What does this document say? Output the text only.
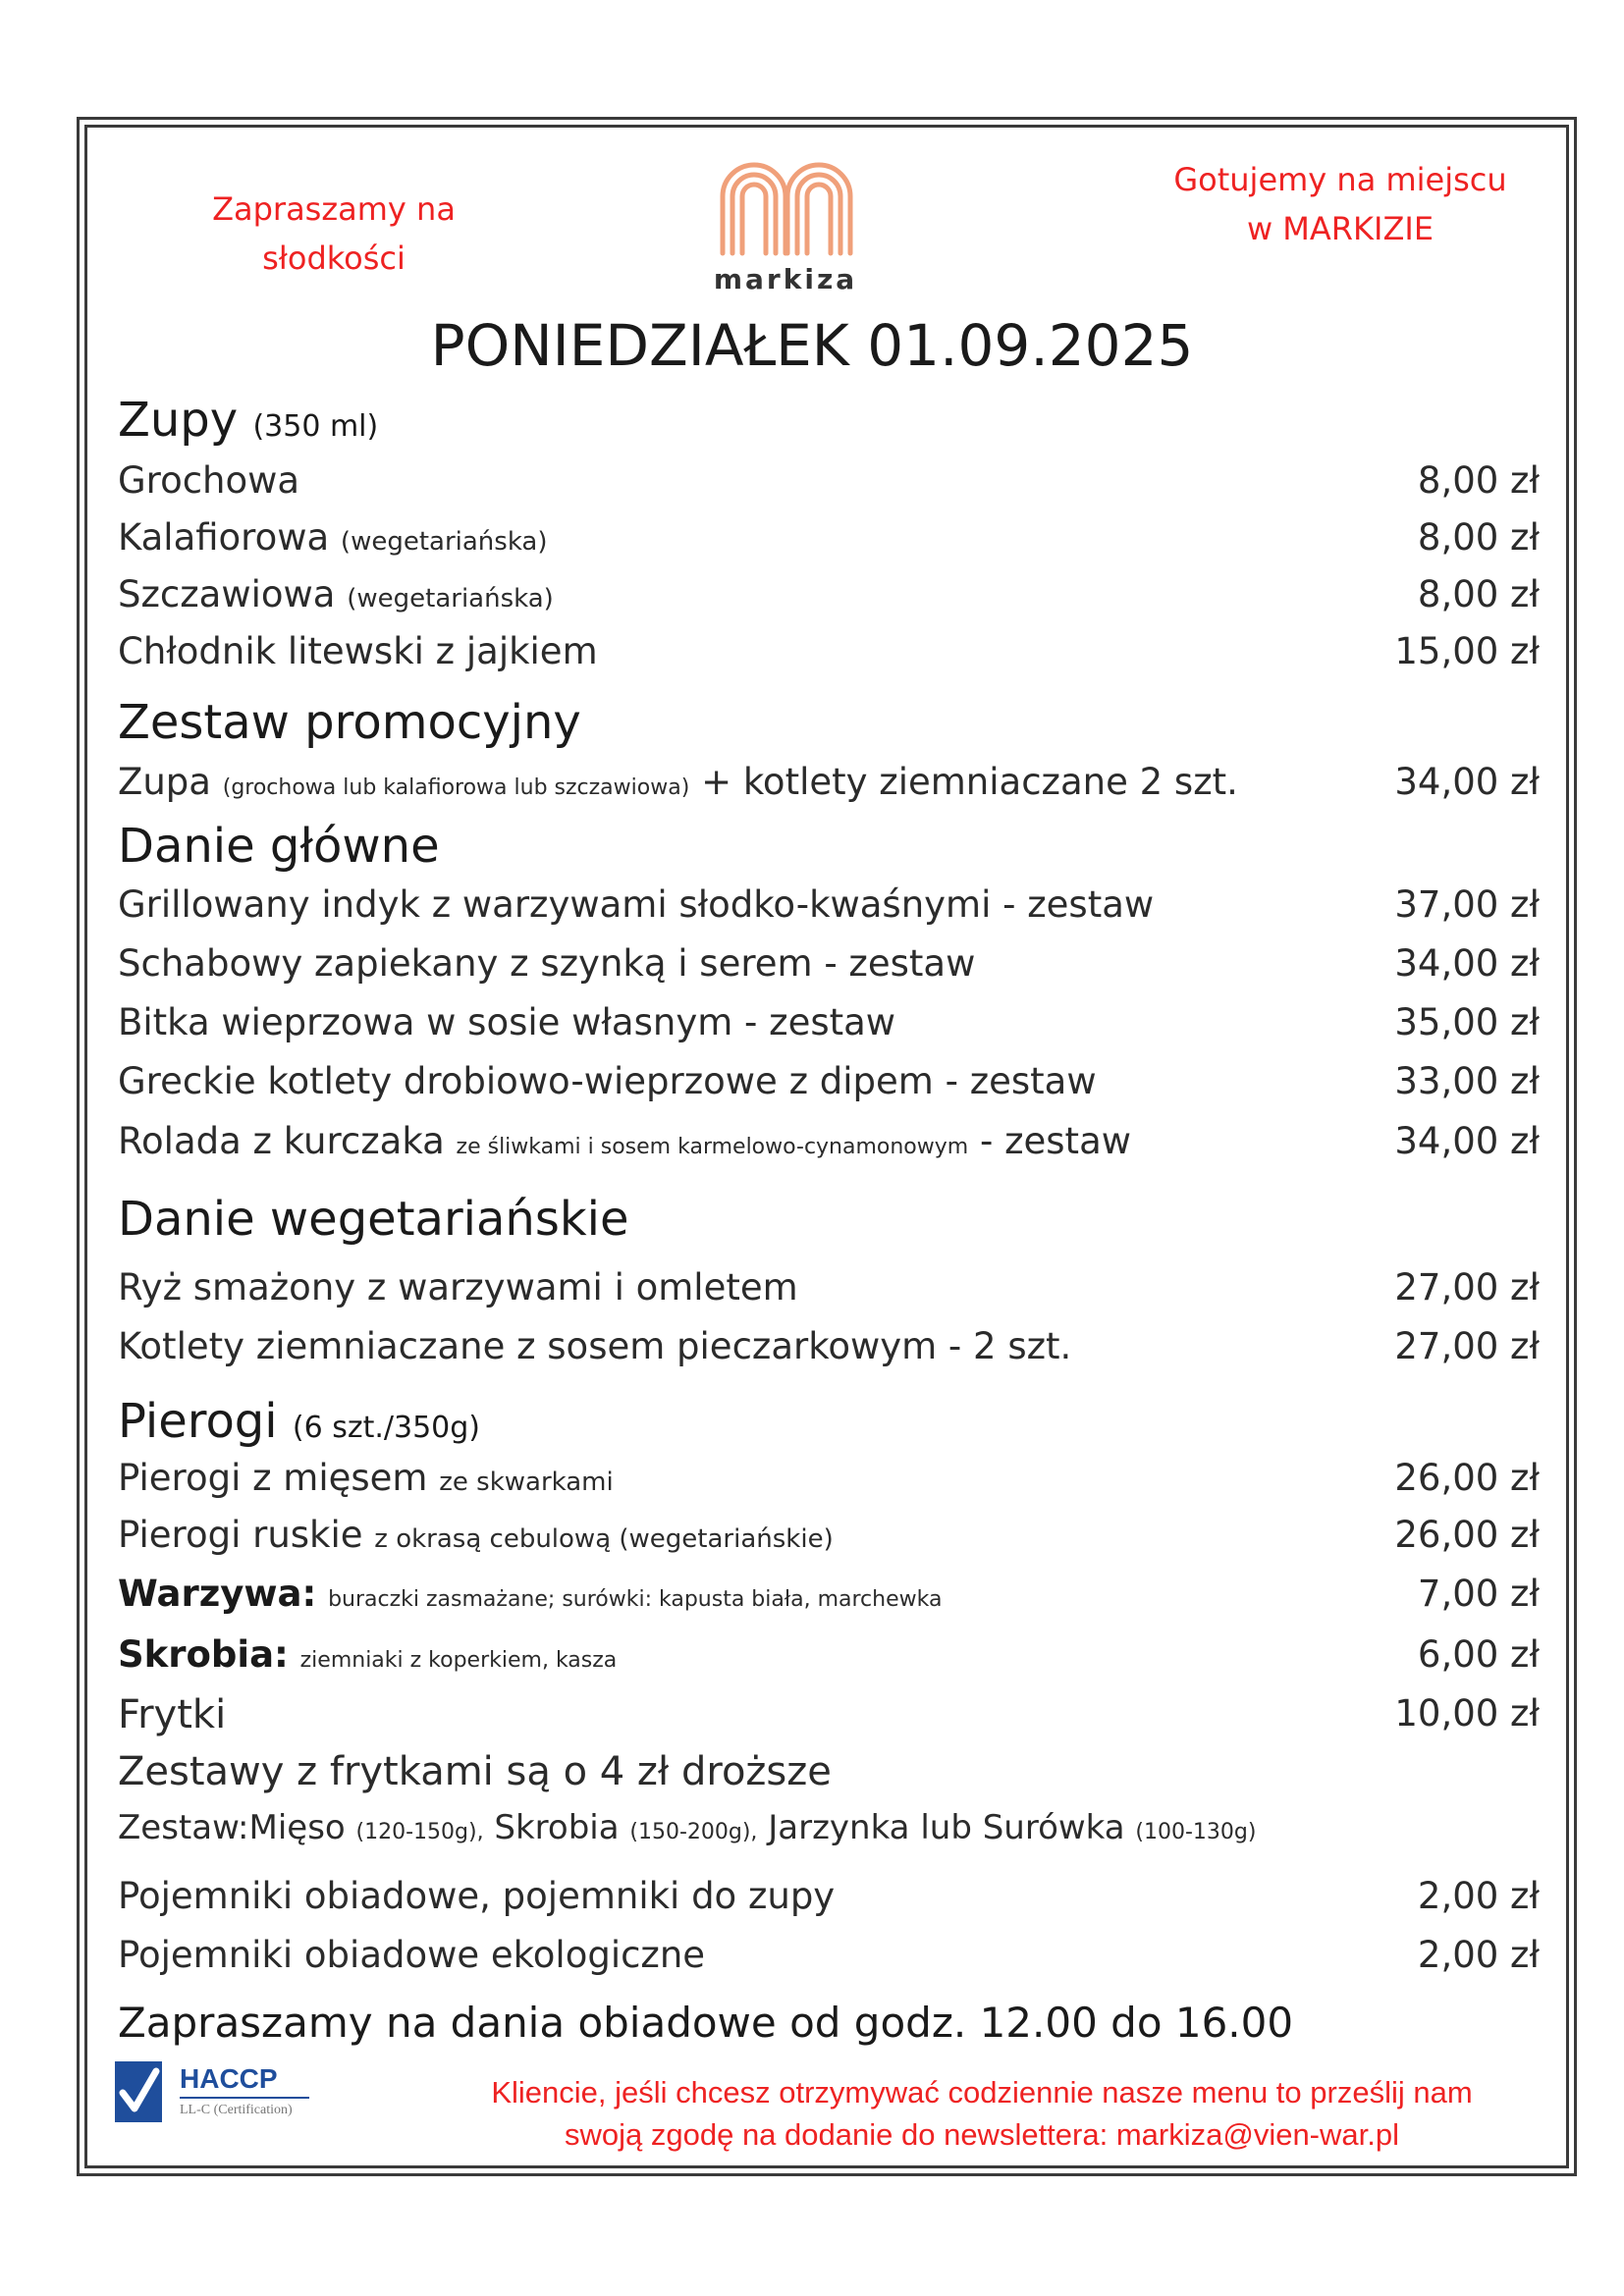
Zapraszamy na
słodkości
markiza
Gotujemy na miejscu
w MARKIZIE
PONIEDZIAŁEK 01.09.2025
Zupy (350 ml)
Grochowa	8,00 zł
Kalafiorowa (wegetariańska)	8,00 zł
Szczawiowa (wegetariańska)	8,00 zł
Chłodnik litewski z jajkiem	15,00 zł
Zestaw promocyjny
Zupa (grochowa lub kalafiorowa lub szczawiowa) + kotlety ziemniaczane 2 szt.	34,00 zł
Danie główne
Grillowany indyk z warzywami słodko-kwaśnymi - zestaw	37,00 zł
Schabowy zapiekany z szynką i serem - zestaw	34,00 zł
Bitka wieprzowa w sosie własnym - zestaw	35,00 zł
Greckie kotlety drobiowo-wieprzowe z dipem - zestaw	33,00 zł
Rolada z kurczaka ze śliwkami i sosem karmelowo-cynamonowym - zestaw	34,00 zł
Danie wegetariańskie
Ryż smażony z warzywami i omletem	27,00 zł
Kotlety ziemniaczane z sosem pieczarkowym - 2 szt.	27,00 zł
Pierogi (6 szt./350g)
Pierogi z mięsem ze skwarkami	26,00 zł
Pierogi ruskie z okrasą cebulową (wegetariańskie)	26,00 zł
Warzywa: buraczki zasmażane; surówki: kapusta biała, marchewka	7,00 zł
Skrobia: ziemniaki z koperkiem, kasza	6,00 zł
Frytki	10,00 zł
Zestawy z frytkami są o 4 zł droższe
Zestaw:Mięso (120-150g), Skrobia (150-200g), Jarzynka lub Surówka (100-130g)
Pojemniki obiadowe, pojemniki do zupy	2,00 zł
Pojemniki obiadowe ekologiczne	2,00 zł
Zapraszamy na dania obiadowe od godz. 12.00 do 16.00
HACCP
LL-C (Certification)
Kliencie, jeśli chcesz otrzymywać codziennie nasze menu to prześlij nam
swoją zgodę na dodanie do newslettera: markiza@vien-war.pl
